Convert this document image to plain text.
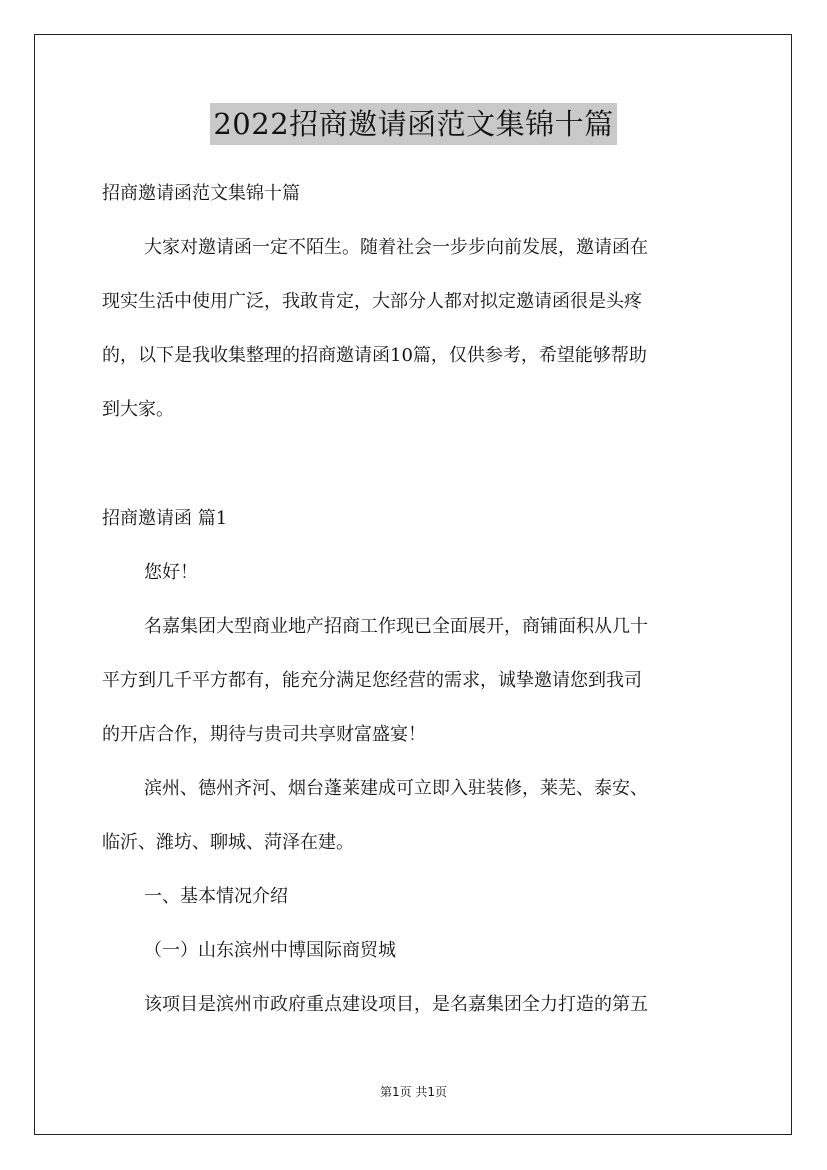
2022招商邀请函范文集锦十篇
招商邀请函范文集锦十篇
大家对邀请函一定不陌生。随着社会一步步向前发展，邀请函在
现实生活中使用广泛，我敢肯定，大部分人都对拟定邀请函很是头疼
的，以下是我收集整理的招商邀请函10篇，仅供参考，希望能够帮助
到大家。
招商邀请函 篇1
您好！
名嘉集团大型商业地产招商工作现已全面展开，商铺面积从几十
平方到几千平方都有，能充分满足您经营的需求，诚挚邀请您到我司
的开店合作，期待与贵司共享财富盛宴！
滨州、德州齐河、烟台蓬莱建成可立即入驻装修，莱芜、泰安、
临沂、潍坊、聊城、菏泽在建。
一、基本情况介绍
（一）山东滨州中博国际商贸城
该项目是滨州市政府重点建设项目，是名嘉集团全力打造的第五
第1页 共1页
